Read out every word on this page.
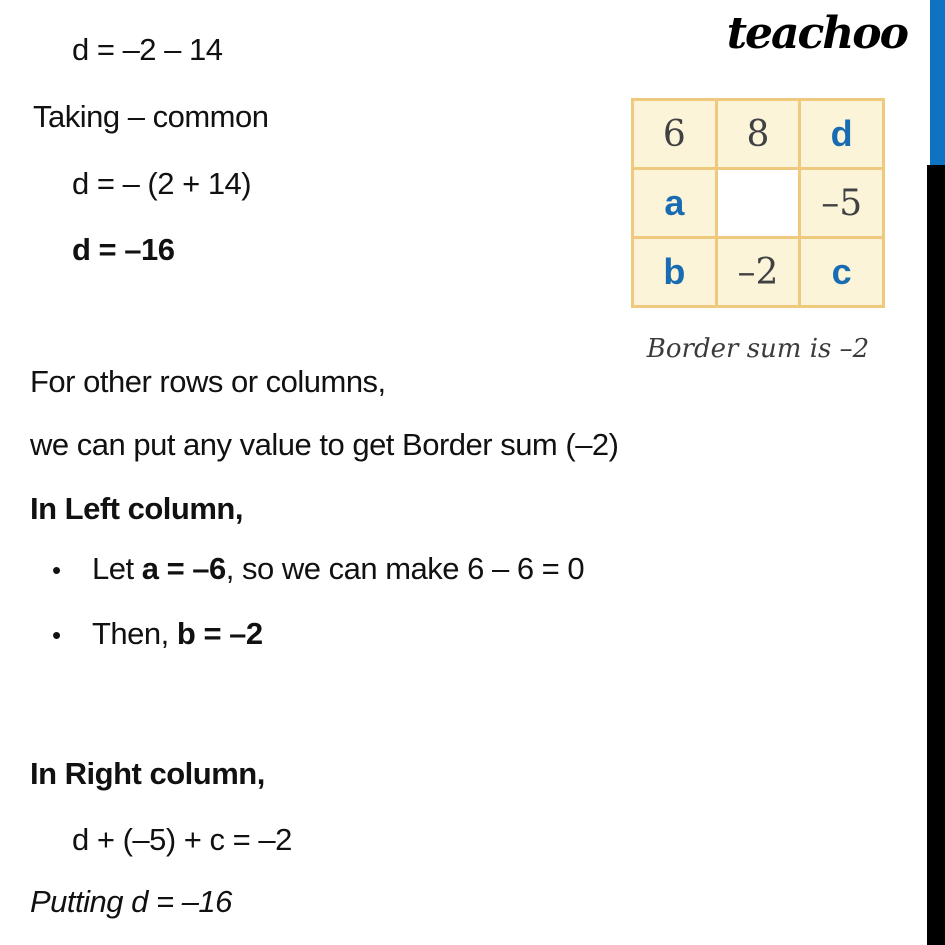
teachoo
d = –2 – 14
Taking – common
d = – (2 + 14)
d = –16
For other rows or columns,
we can put any value to get Border sum (–2)
In Left column,
• Let a = –6, so we can make 6 – 6 = 0
• Then, b = –2
In Right column,
d + (–5) + c = –2
Putting d = –16
6 8 d
a	–5
b –2 c
Border sum is –2
